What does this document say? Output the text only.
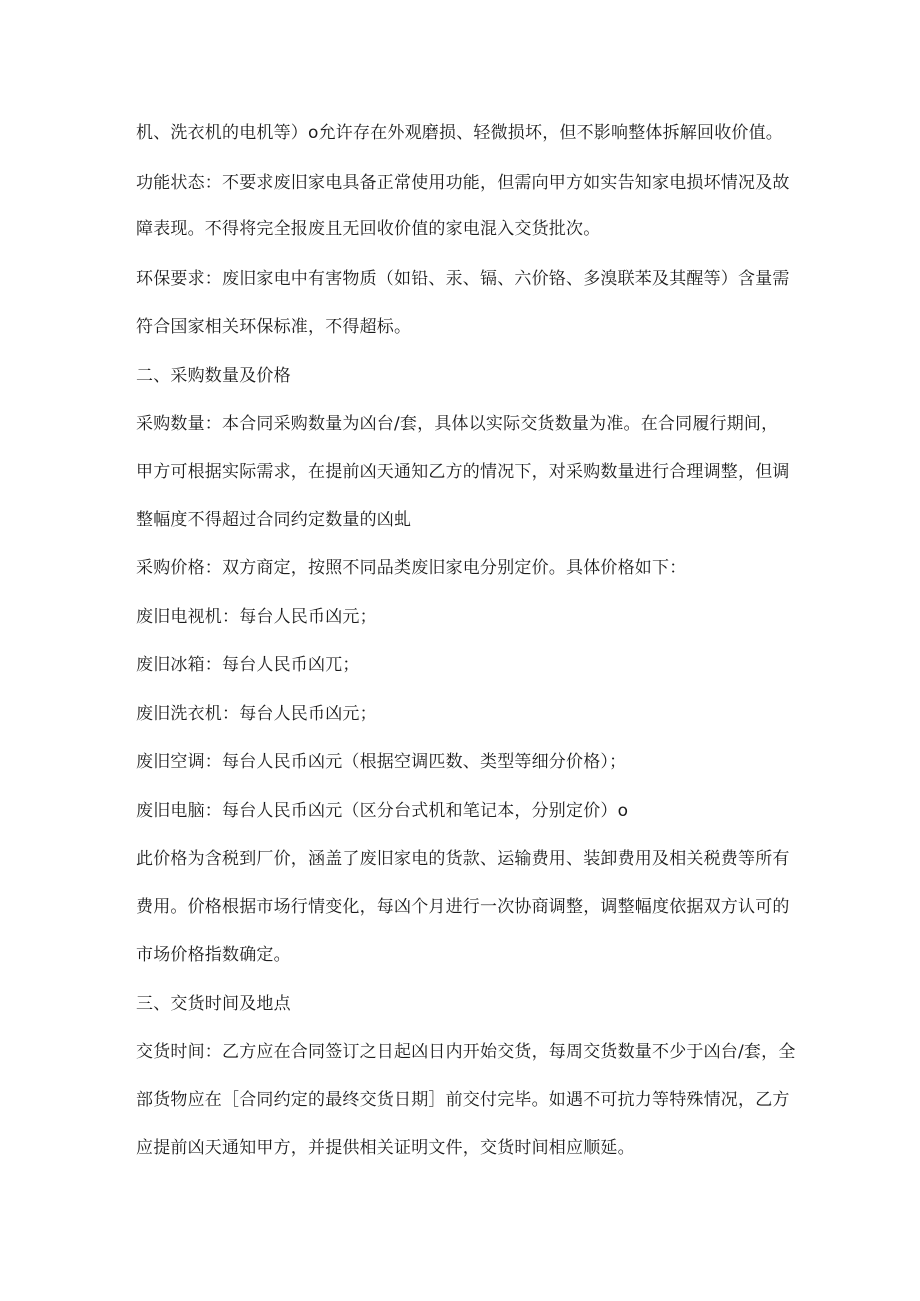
机、洗衣机的电机等）o允许存在外观磨损、轻微损坏，但不影响整体拆解回收价值。
功能状态：不要求废旧家电具备正常使用功能，但需向甲方如实告知家电损坏情况及故
障表现。不得将完全报废且无回收价值的家电混入交货批次。
环保要求：废旧家电中有害物质（如铅、汞、镉、六价铬、多溴联苯及其醒等）含量需
符合国家相关环保标准，不得超标。
二、采购数量及价格
采购数量：本合同采购数量为凶台/套，具体以实际交货数量为准。在合同履行期间，
甲方可根据实际需求，在提前凶天通知乙方的情况下，对采购数量进行合理调整，但调
整幅度不得超过合同约定数量的凶虬
采购价格：双方商定，按照不同品类废旧家电分别定价。具体价格如下：
废旧电视机：每台人民币凶元；
废旧冰箱：每台人民币凶兀；
废旧洗衣机：每台人民币凶元；
废旧空调：每台人民币凶元（根据空调匹数、类型等细分价格）；
废旧电脑：每台人民币凶元（区分台式机和笔记本，分别定价）o
此价格为含税到厂价，涵盖了废旧家电的货款、运输费用、装卸费用及相关税费等所有
费用。价格根据市场行情变化，每凶个月进行一次协商调整，调整幅度依据双方认可的
市场价格指数确定。
三、交货时间及地点
交货时间：乙方应在合同签订之日起凶日内开始交货，每周交货数量不少于凶台/套，全
部货物应在［合同约定的最终交货日期］前交付完毕。如遇不可抗力等特殊情况，乙方
应提前凶天通知甲方，并提供相关证明文件，交货时间相应顺延。
